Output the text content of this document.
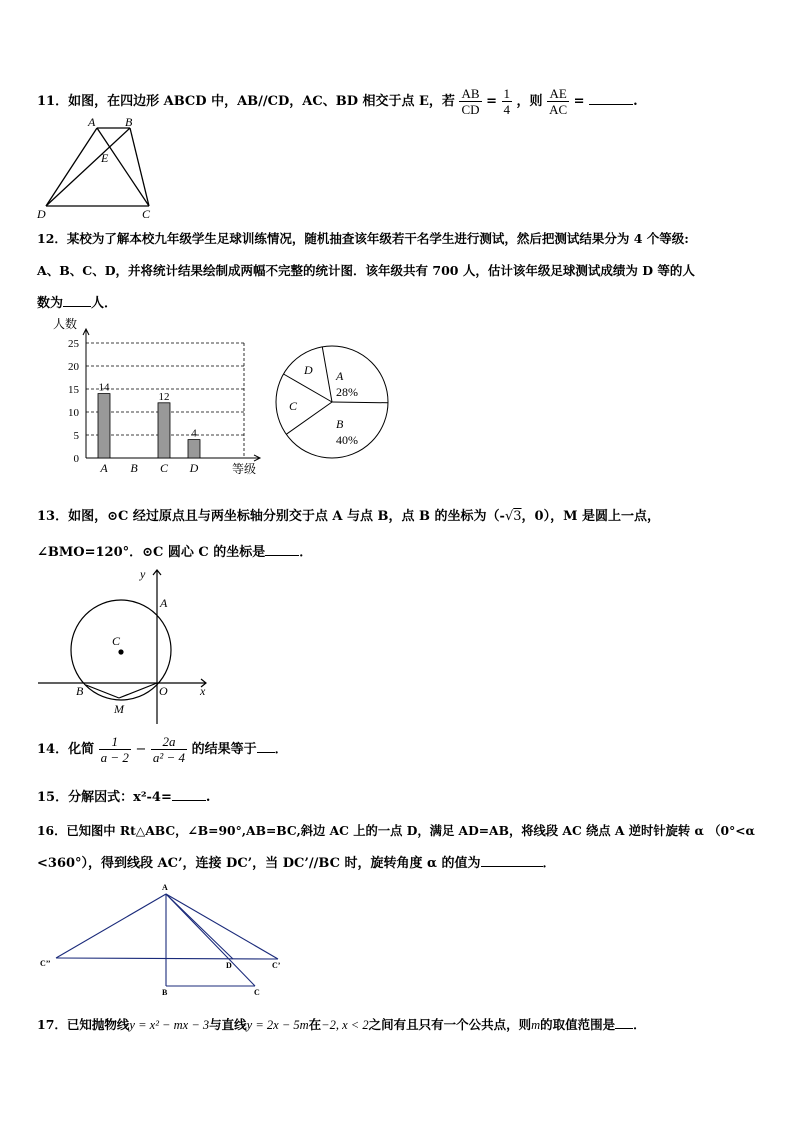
11．如图，在四边形 ABCD 中，AB//CD，AC、BD 相交于点 E，若 $\frac{AB}{CD} = \frac{1}{4}$ ，则 $\frac{AE}{AC}$ =	.
A B
E
D	C
12．某校为了解本校九年级学生足球训练情况，随机抽查该年级若干名学生进行测试，然后把测试结果分为 4 个等级:
A、B、C、D，并将统计结果绘制成两幅不完整的统计图．该年级共有 700 人，估计该年级足球测试成绩为 D 等的人
数为 人．
人数
0
5
10
15
20
25
等级
14
A B
12
C
4
D
A
28%
B
40%
C
D
13．如图，⊙C 经过原点且与两坐标轴分别交于点 A 与点 B，点 B 的坐标为（-√3，0），M 是圆上一点，
∠BMO=120°．⊙C 圆心 C 的坐标是	．
y
A
C
B	O	x
M
14．化简 $\frac{1}{a - 2} - \frac{2a}{\text{a² − 4}}$ 的结果等于 ．
15．分解因式：x²-4=	.
16．已知图中 Rt△ABC，∠B=90°,AB=BC,斜边 AC 上的一点 D，满足 AD=AB，将线段 AC 绕点 A 逆时针旋转 α （0°<α
<360°），得到线段 AC’，连接 DC’，当 DC’//BC 时，旋转角度 α 的值为	．
A
C’’	D	C’
B	C
17．已知抛物线y = x² − mx − 3与直线y = 2x − 5m在−2, x < 2之间有且只有一个公共点，则m的取值范围是 ．
